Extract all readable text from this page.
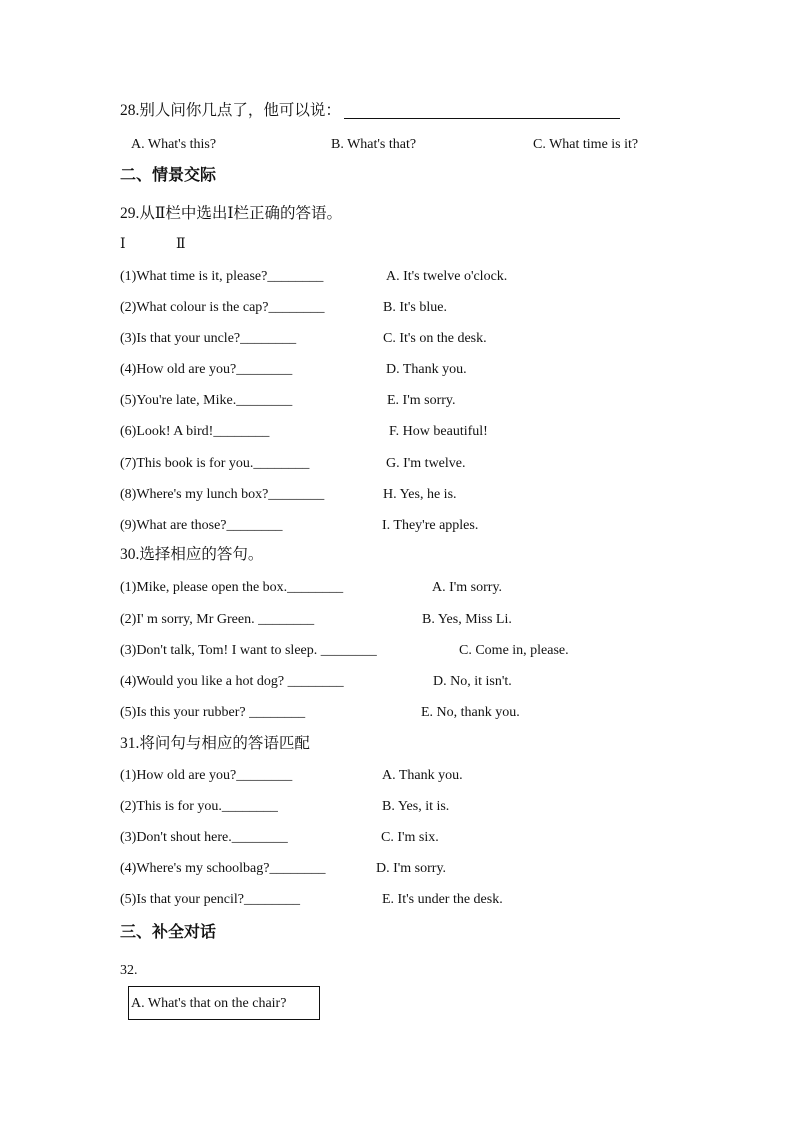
28.别人问你几点了，他可以说：
A. What's this?	B. What's that?	C. What time is it?
二、情景交际
29.从Ⅱ栏中选出Ⅰ栏正确的答语。
Ⅰ	Ⅱ
(1)What time is it, please?________	A. It's twelve o'clock.
(2)What colour is the cap?________	B. It's blue.
(3)Is that your uncle?________	C. It's on the desk.
(4)How old are you?________	D. Thank you.
(5)You're late, Mike.________	E. I'm sorry.
(6)Look! A bird!________	F. How beautiful!
(7)This book is for you.________	G. I'm twelve.
(8)Where's my lunch box?________	H. Yes, he is.
(9)What are those?________	I. They're apples.
30.选择相应的答句。
(1)Mike, please open the box.________	A. I'm sorry.
(2)I' m sorry, Mr Green. ________	B. Yes, Miss Li.
(3)Don't talk, Tom! I want to sleep. ________	C. Come in, please.
(4)Would you like a hot dog? ________	D. No, it isn't.
(5)Is this your rubber? ________	E. No, thank you.
31.将问句与相应的答语匹配
(1)How old are you?________	A. Thank you.
(2)This is for you.________	B. Yes, it is.
(3)Don't shout here.________	C. I'm six.
(4)Where's my schoolbag?________	D. I'm sorry.
(5)Is that your pencil?________	E. It's under the desk.
三、补全对话
32.
A. What's that on the chair?
